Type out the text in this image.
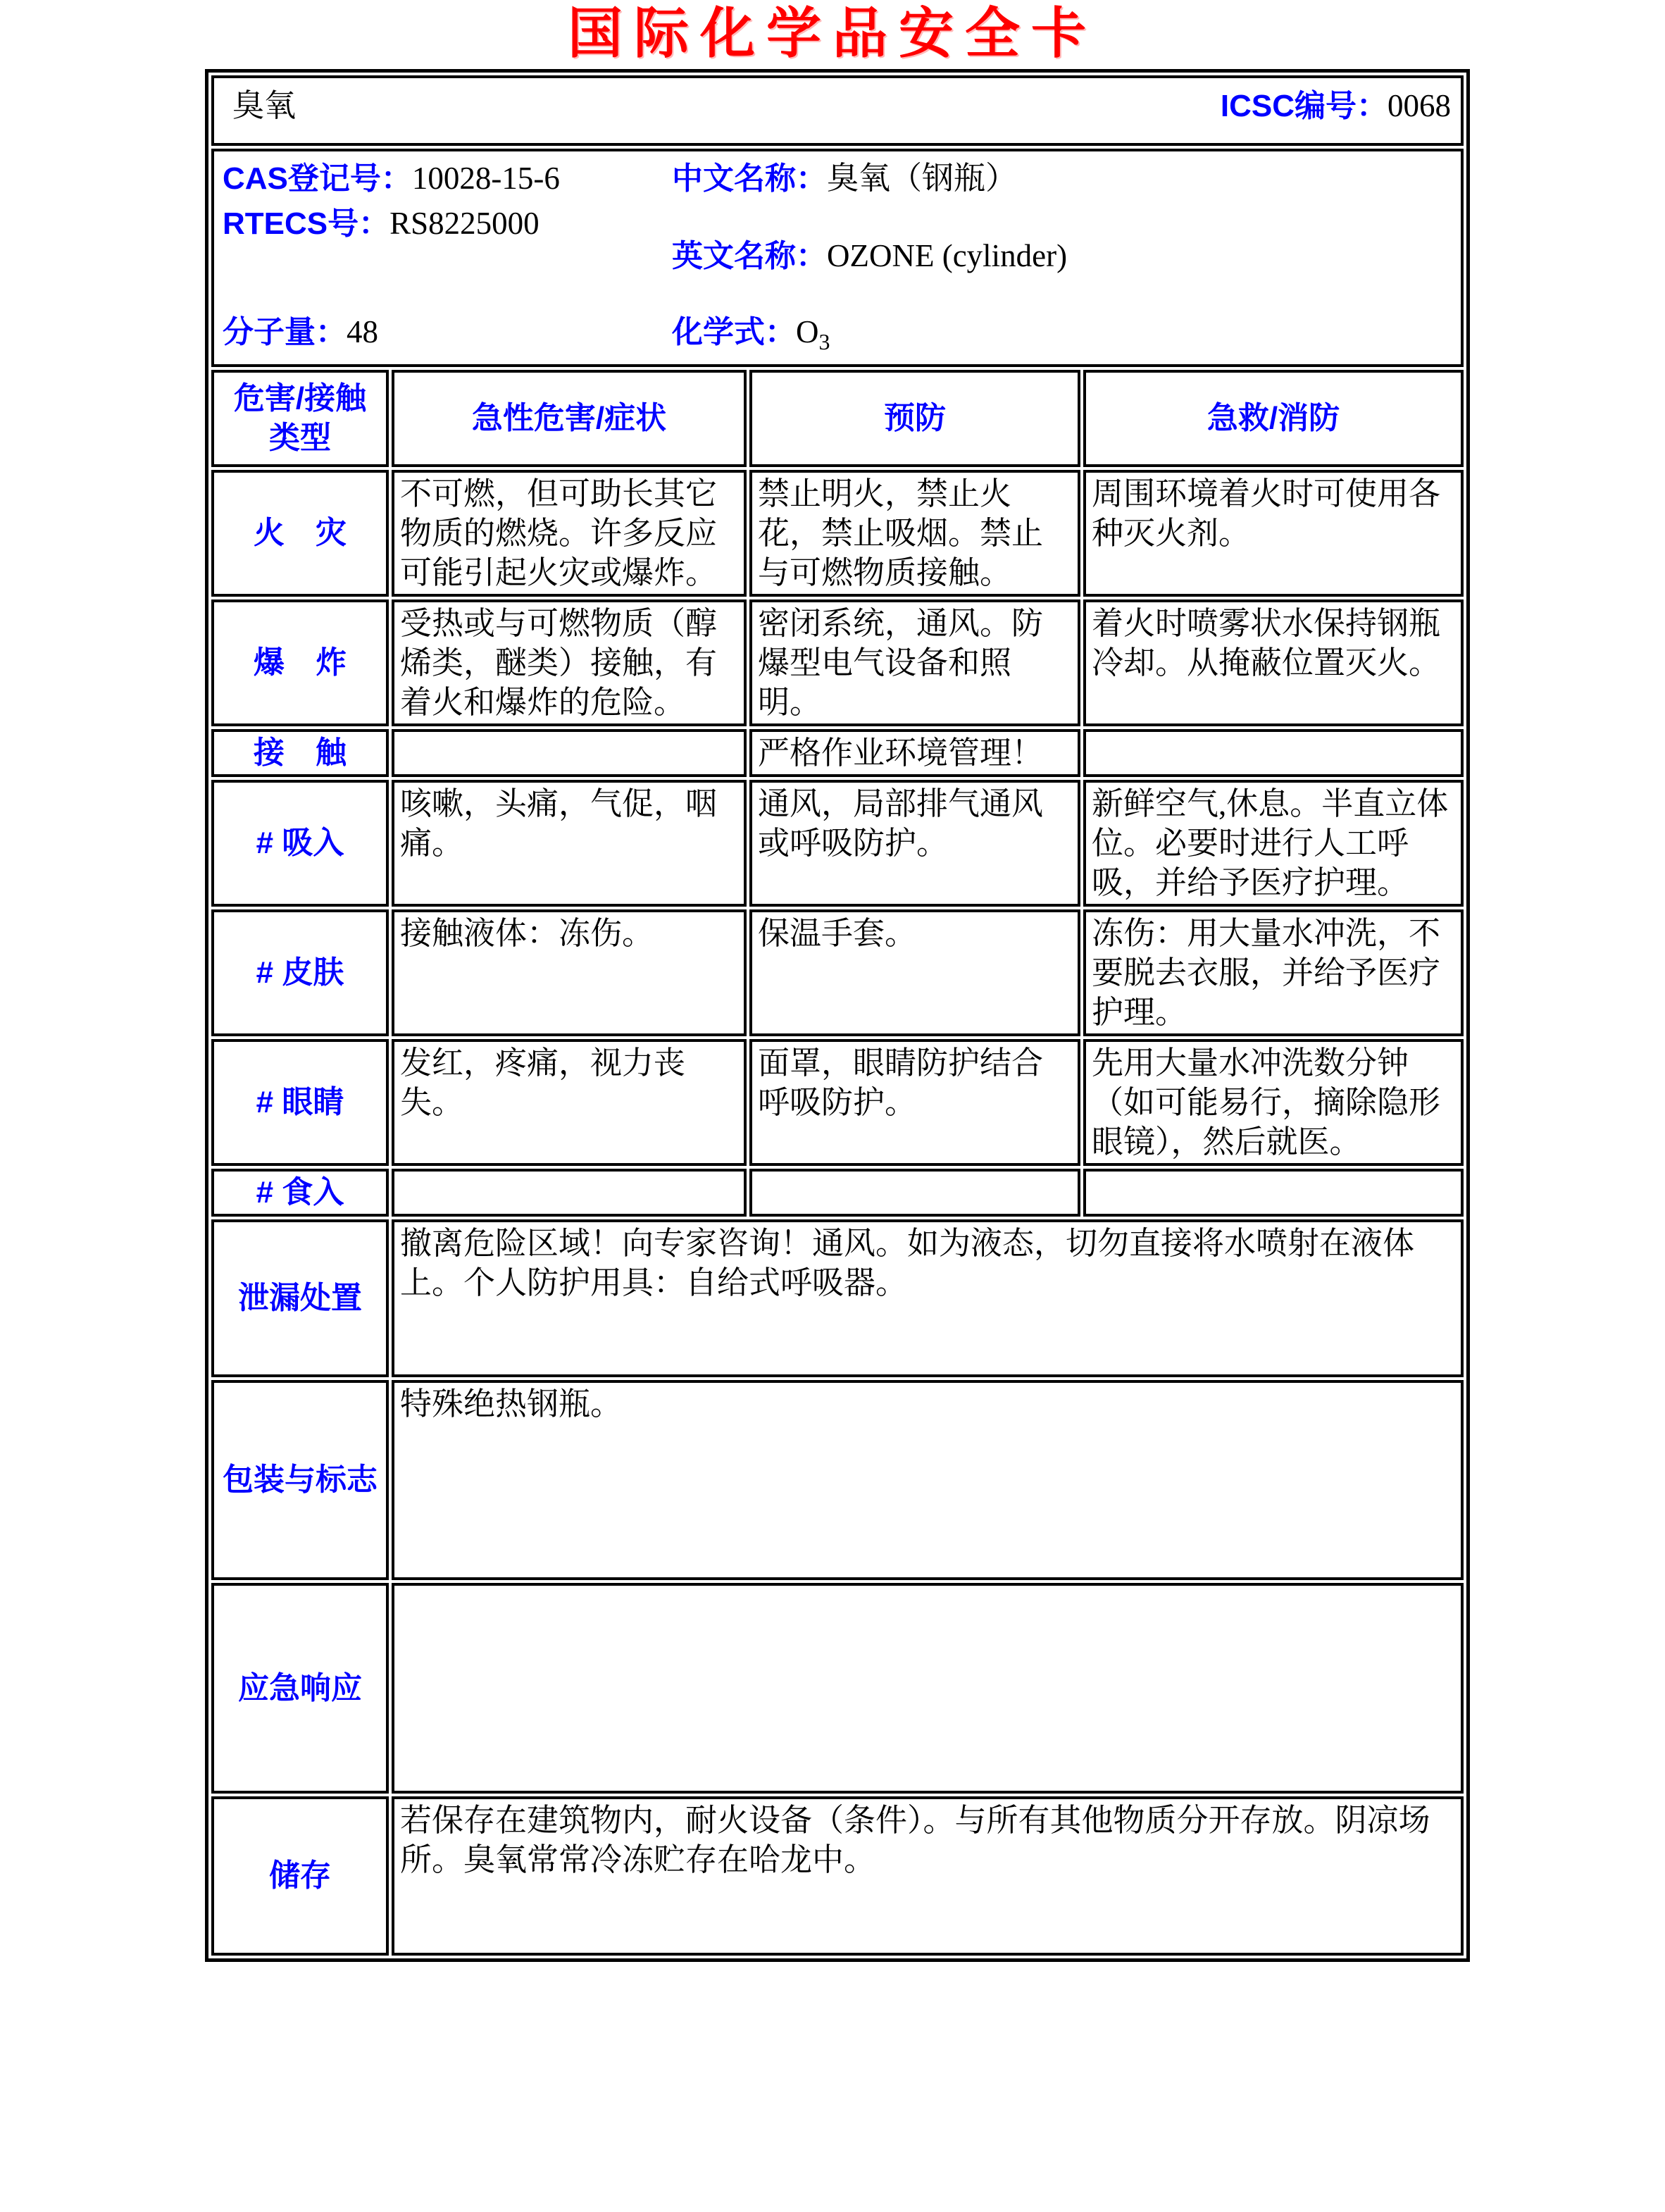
国际化学品安全卡
臭氧 ICSC编号：0068			

CAS登记号：10028-15-6
RTECS号：RS8225000
分子量：48
中文名称：臭氧（钢瓶）
英文名称：OZONE (cylinder)
化学式：$O_3$

危害/接触
类型	急性危害/症状	预防	急救/消防
火　灾	不可燃，但可助长其它物质的燃烧。许多反应可能引起火灾或爆炸。	禁止明火，禁止火花，禁止吸烟。禁止与可燃物质接触。	周围环境着火时可使用各种灭火剂。
爆　炸	受热或与可燃物质（醇烯类，醚类）接触，有着火和爆炸的危险。	密闭系统，通风。防爆型电气设备和照明。	着火时喷雾状水保持钢瓶冷却。从掩蔽位置灭火。
接　触		严格作业环境管理！	
# 吸入	咳嗽，头痛，气促，咽痛。	通风，局部排气通风或呼吸防护。	新鲜空气,休息。半直立体位。必要时进行人工呼吸，并给予医疗护理。
# 皮肤	接触液体：冻伤。	保温手套。	冻伤：用大量水冲洗，不要脱去衣服，并给予医疗护理。
# 眼睛	发红，疼痛，视力丧失。	面罩，眼睛防护结合呼吸防护。	先用大量水冲洗数分钟（如可能易行，摘除隐形眼镜），然后就医。
# 食入			
泄漏处置	撤离危险区域！向专家咨询！通风。如为液态，切勿直接将水喷射在液体上。个人防护用具：自给式呼吸器。		
包装与标志	特殊绝热钢瓶。		
应急响应			
储存	若保存在建筑物内，耐火设备（条件）。与所有其他物质分开存放。阴凉场所。臭氧常常冷冻贮存在哈龙中。		
